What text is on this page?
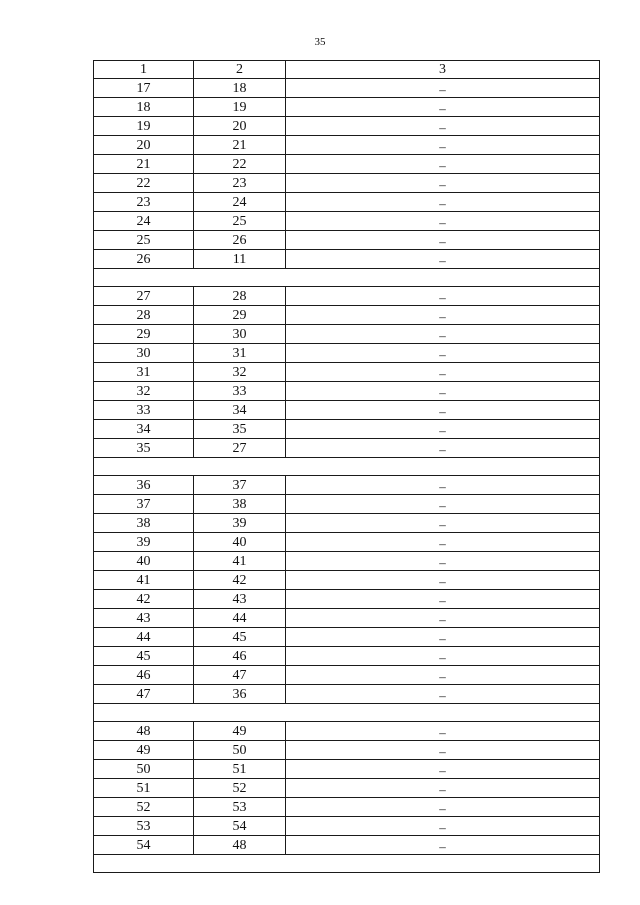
35
1	2	3
17	18	–
18	19	–
19	20	–
20	21	–
21	22	–
22	23	–
23	24	–
24	25	–
25	26	–
26	11	–

27	28	–
28	29	–
29	30	–
30	31	–
31	32	–
32	33	–
33	34	–
34	35	–
35	27	–

36	37	–
37	38	–
38	39	–
39	40	–
40	41	–
41	42	–
42	43	–
43	44	–
44	45	–
45	46	–
46	47	–
47	36	–

48	49	–
49	50	–
50	51	–
51	52	–
52	53	–
53	54	–
54	48	–
